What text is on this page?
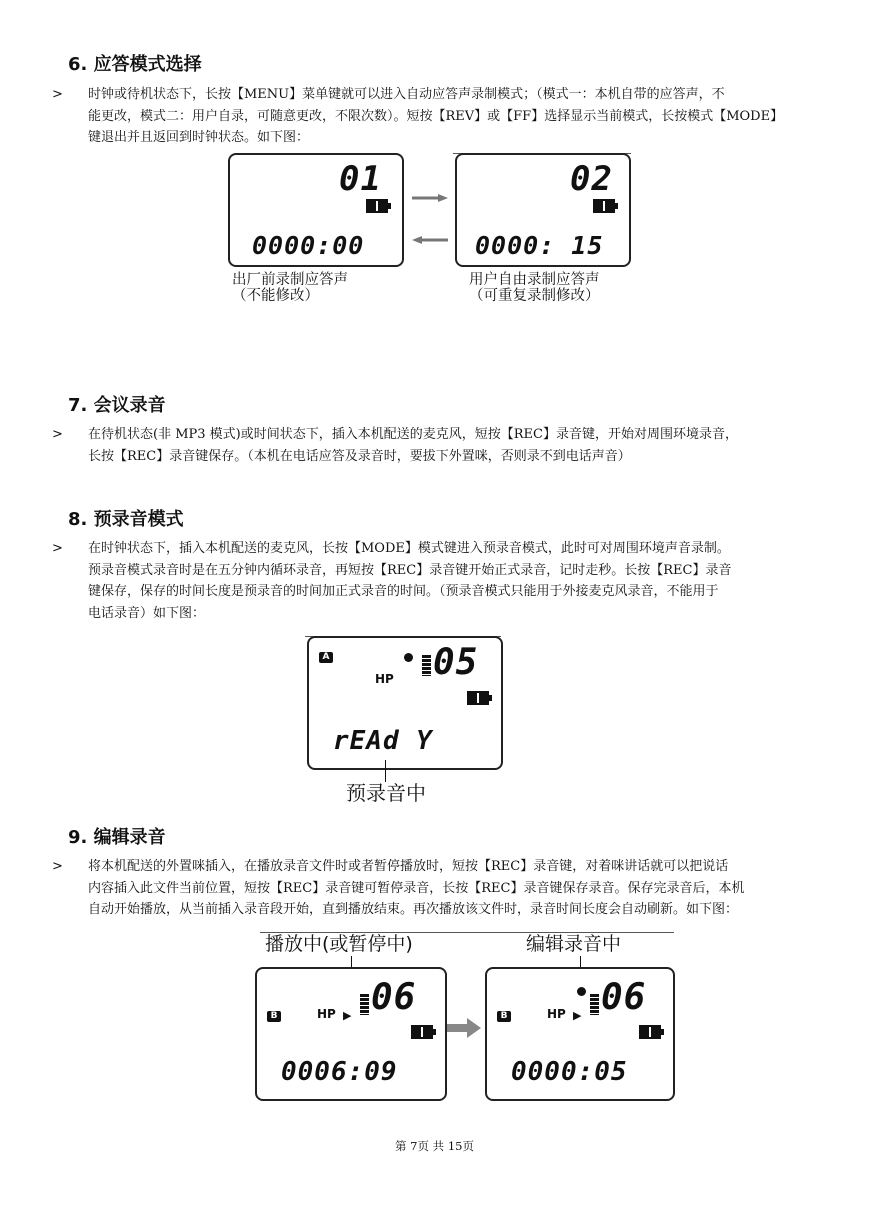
6. 应答模式选择
> 时钟或待机状态下，长按【MENU】菜单键就可以进入自动应答声录制模式；（模式一：本机自带的应答声，不
能更改，模式二：用户自录，可随意更改，不限次数）。短按【REV】或【FF】选择显示当前模式，长按模式【MODE】
键退出并且返回到时钟状态。如下图：
01
0000:00
02
0000: 15
出厂前录制应答声
（不能修改）
用户自由录制应答声
（可重复录制修改）
7. 会议录音
> 在待机状态(非 MP3 模式)或时间状态下，插入本机配送的麦克风，短按【REC】录音键，开始对周围环境录音，
长按【REC】录音键保存。（本机在电话应答及录音时，要拔下外置咪，否则录不到电话声音）
8. 预录音模式
> 在时钟状态下，插入本机配送的麦克风，长按【MODE】模式键进入预录音模式，此时可对周围环境声音录制。
预录音模式录音时是在五分钟内循环录音，再短按【REC】录音键开始正式录音，记时走秒。长按【REC】录音
键保存，保存的时间长度是预录音的时间加正式录音的时间。（预录音模式只能用于外接麦克风录音，不能用于
电话录音）如下图：
A
HP 05
rEAd Y
预录音中
9. 编辑录音
> 将本机配送的外置咪插入，在播放录音文件时或者暂停播放时，短按【REC】录音键，对着咪讲话就可以把说话
内容插入此文件当前位置，短按【REC】录音键可暂停录音，长按【REC】录音键保存录音。保存完录音后，本机
自动开始播放，从当前插入录音段开始，直到播放结束。再次播放该文件时，录音时间长度会自动刷新。如下图：
播放中(或暂停中)	编辑录音中
B	HP ▶ 06
0006:09
B	HP ▶ 06
0000:05
第 7页 共 15页
